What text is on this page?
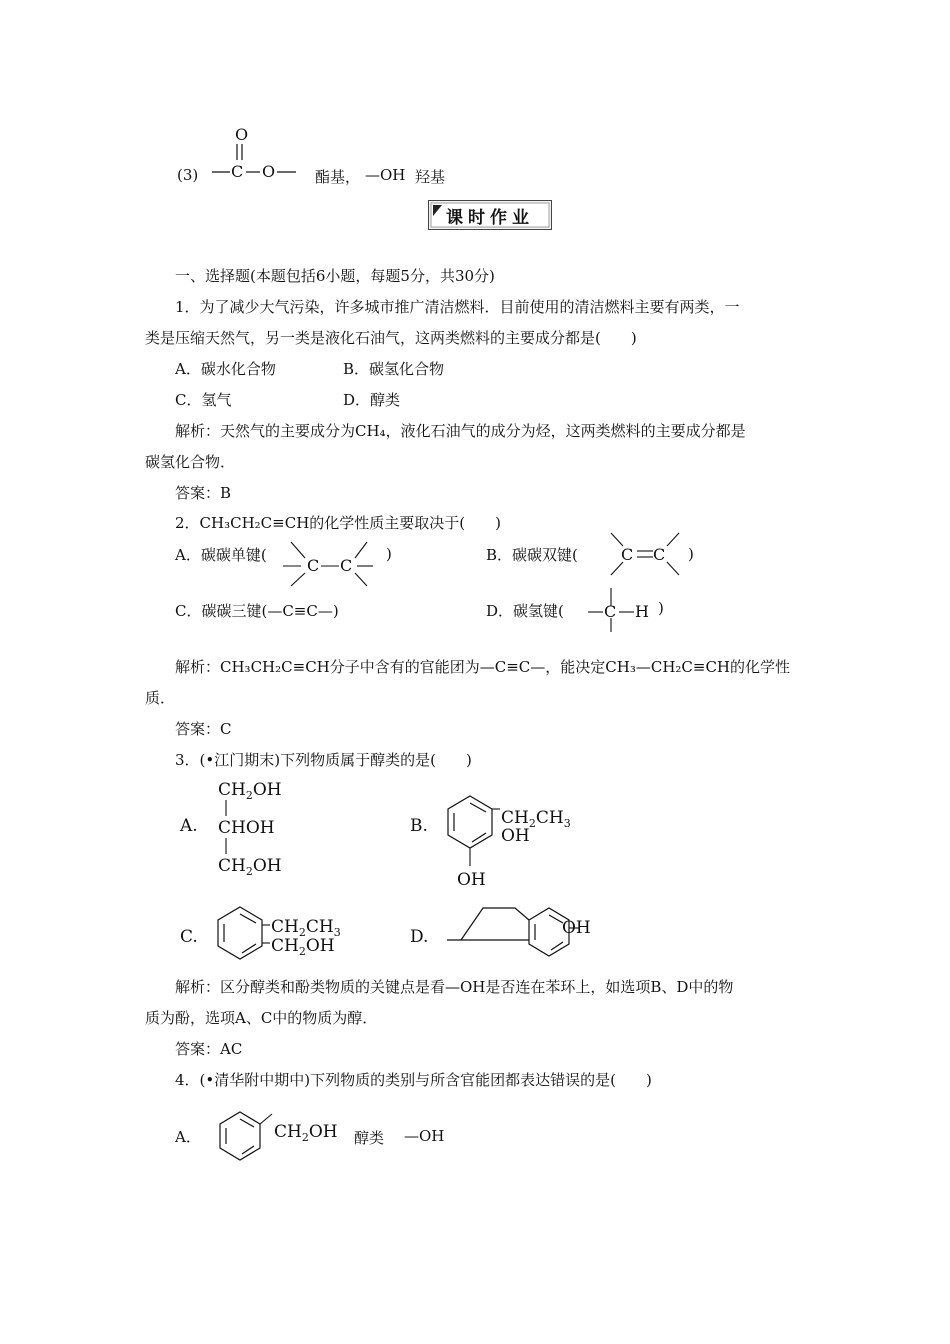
(3)
O
C O	酯基， —OH 羟基
课时作业
一、选择题(本题包括6小题，每题5分，共30分)
1．为了减少大气污染，许多城市推广清洁燃料．目前使用的清洁燃料主要有两类，一
类是压缩天然气，另一类是液化石油气，这两类燃料的主要成分都是(　　)
A．碳水化合物	B．碳氢化合物
C．氢气	D．醇类
解析：天然气的主要成分为CH₄，液化石油气的成分为烃，这两类燃料的主要成分都是
碳氢化合物．
答案：B
2．CH₃CH₂C≡CH的化学性质主要取决于(　　)
A．碳碳单键(
C C
)	B．碳碳双键(	C C )
C．碳碳三键(—C≡C—)	D．碳氢键(	C H )
解析：CH₃CH₂C≡CH分子中含有的官能团为—C≡C—，能决定CH₃—CH₂C≡CH的化学性
质．
答案：C
3．(•江门期末)下列物质属于醇类的是(　　)
A.
$CH_2OH$
CHOH
$CH_2OH$
B.	$CH_2CH_3$
OH
OH
C.	$CH_2CH_3$
$CH_2OH$	D.	OH
解析：区分醇类和酚类物质的关键点是看—OH是否连在苯环上，如选项B、D中的物
质为酚，选项A、C中的物质为醇．
答案：AC
4．(•清华附中期中)下列物质的类别与所含官能团都表达错误的是(　　)
A．	$CH_2OH$ 醇类 —OH
